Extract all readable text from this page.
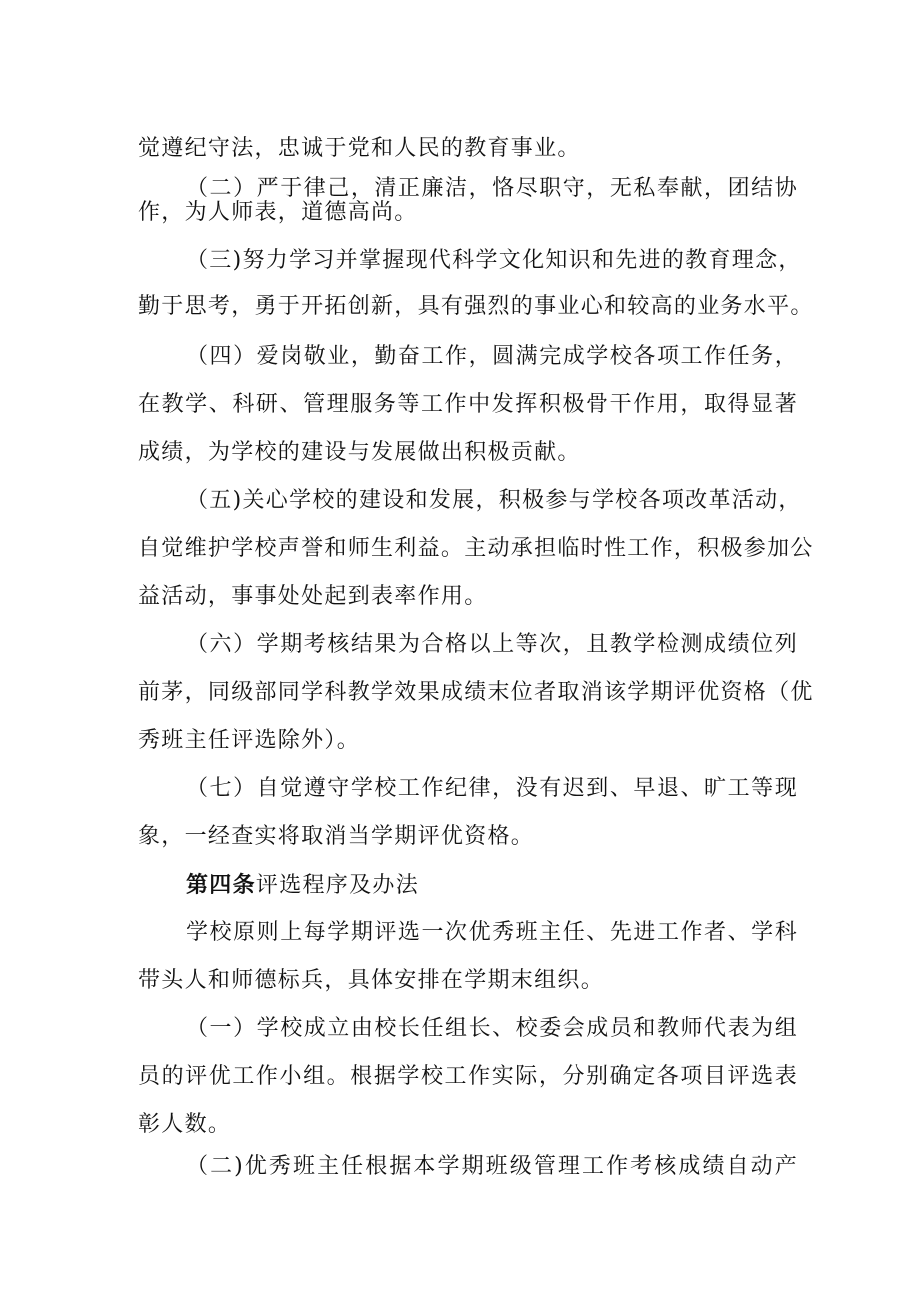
觉遵纪守法，忠诚于党和人民的教育事业。
（二）严于律己，清正廉洁，恪尽职守，无私奉献，团结协
作，为人师表，道德高尚。
（三)努力学习并掌握现代科学文化知识和先进的教育理念，
勤于思考，勇于开拓创新，具有强烈的事业心和较高的业务水平。
（四）爱岗敬业，勤奋工作，圆满完成学校各项工作任务，
在教学、科研、管理服务等工作中发挥积极骨干作用，取得显著
成绩，为学校的建设与发展做出积极贡献。
（五)关心学校的建设和发展，积极参与学校各项改革活动，
自觉维护学校声誉和师生利益。主动承担临时性工作，积极参加公
益活动，事事处处起到表率作用。
（六）学期考核结果为合格以上等次，且教学检测成绩位列
前茅，同级部同学科教学效果成绩末位者取消该学期评优资格（优
秀班主任评选除外）。
（七）自觉遵守学校工作纪律，没有迟到、早退、旷工等现
象，一经查实将取消当学期评优资格。
第四条评选程序及办法
学校原则上每学期评选一次优秀班主任、先进工作者、学科
带头人和师德标兵，具体安排在学期末组织。
（一）学校成立由校长任组长、校委会成员和教师代表为组
员的评优工作小组。根据学校工作实际，分别确定各项目评选表
彰人数。
（二)优秀班主任根据本学期班级管理工作考核成绩自动产
